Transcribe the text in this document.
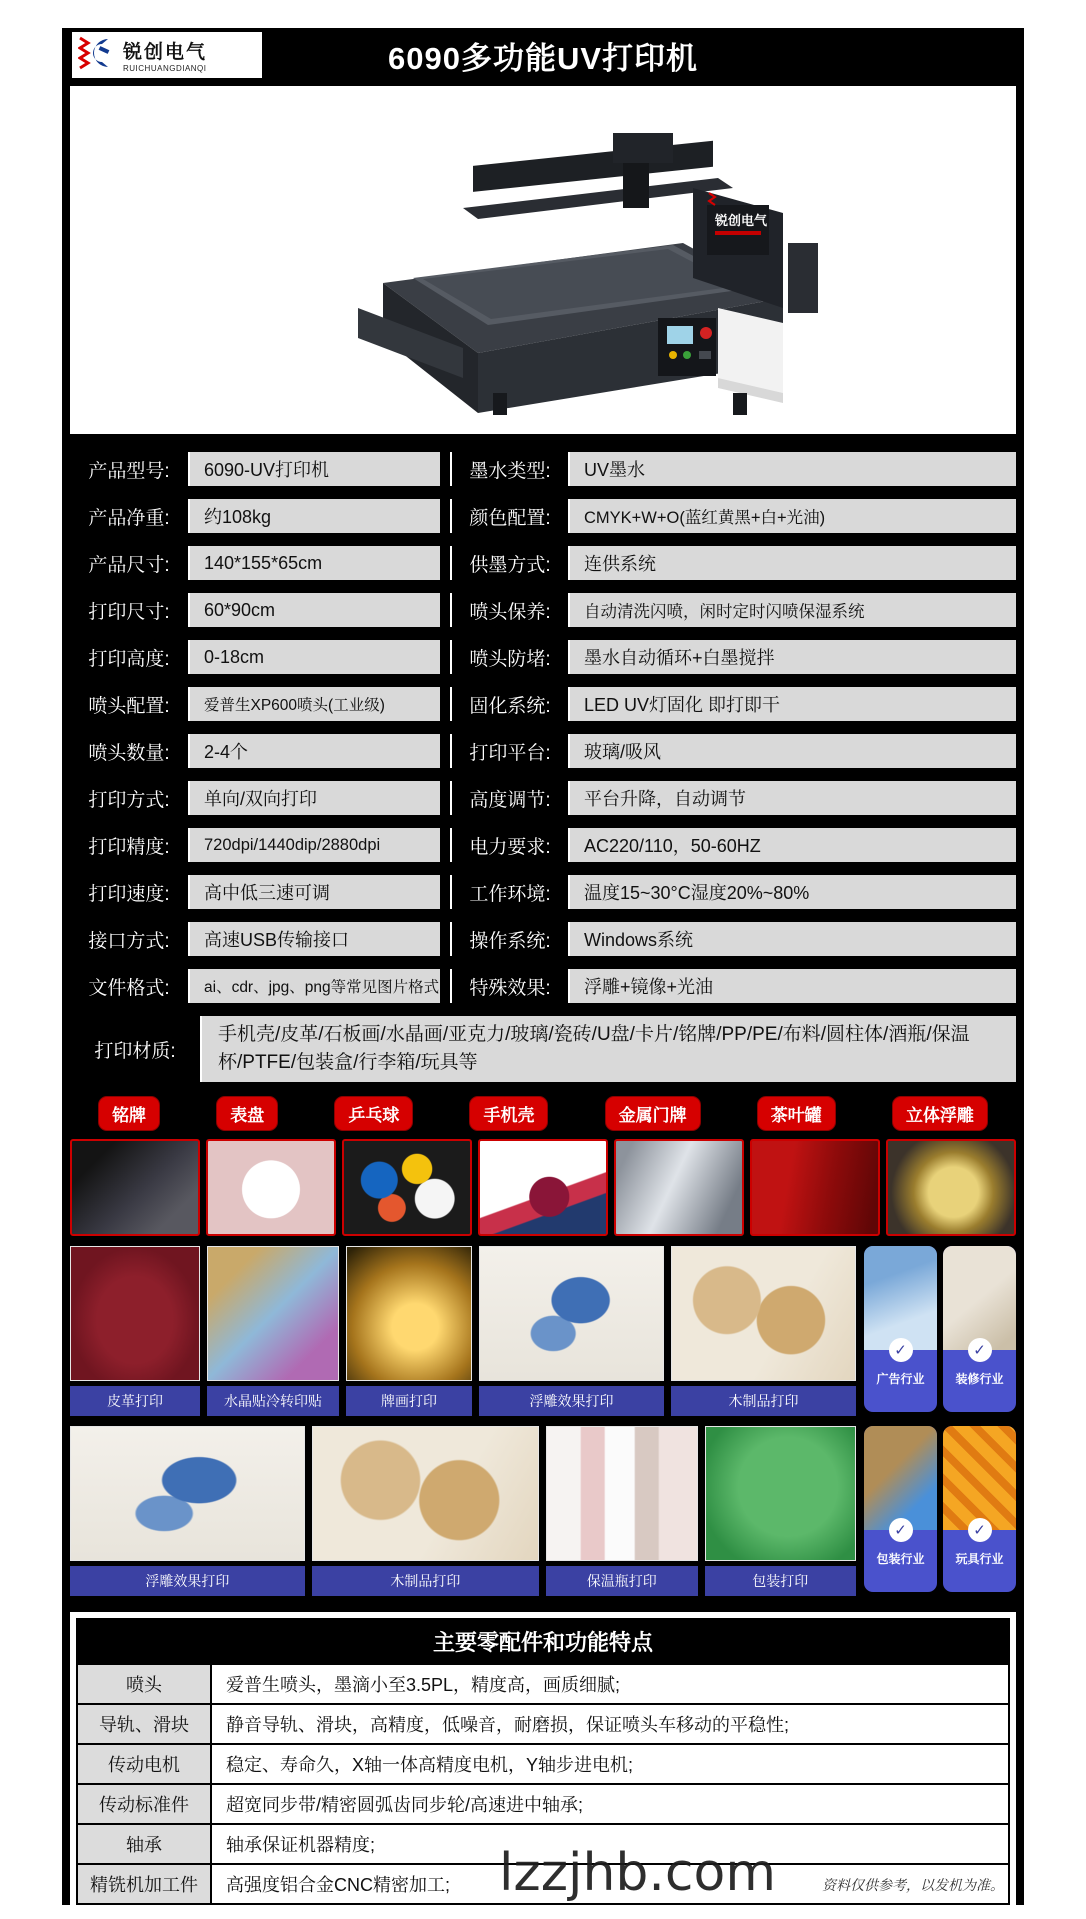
锐创电气
RUICHUANGDIANQI	6090多功能UV打印机
锐创电气
产品型号:	6090-UV打印机	墨水类型:	UV墨水
产品净重:	约108kg	颜色配置:	CMYK+W+O(蓝红黄黑+白+光油)
产品尺寸:	140*155*65cm	供墨方式:	连供系统
打印尺寸:	60*90cm	喷头保养:	自动清洗闪喷，闲时定时闪喷保湿系统
打印高度:	0-18cm	喷头防堵:	墨水自动循环+白墨搅拌
喷头配置:	爱普生XP600喷头(工业级)	固化系统:	LED UV灯固化 即打即干
喷头数量:	2-4个	打印平台:	玻璃/吸风
打印方式:	单向/双向打印	高度调节:	平台升降，自动调节
打印精度:	720dpi/1440dip/2880dpi	电力要求:	AC220/110，50-60HZ
打印速度:	高中低三速可调	工作环境:	温度15~30°C湿度20%~80%
接口方式:	高速USB传输接口	操作系统:	Windows系统
文件格式:	ai、cdr、jpg、png等常见图片格式	特殊效果:	浮雕+镜像+光油
打印材质:
手机壳/皮革/石板画/水晶画/亚克力/玻璃/瓷砖/U盘/卡片/铭牌/PP/PE/布料/圆柱体/酒瓶/保温杯/PTFE/包装盒/行李箱/玩具等
铭牌	表盘	乒乓球	手机壳	金属门牌	茶叶罐	立体浮雕
皮革打印	水晶贴冷转印贴	牌画打印	浮雕效果打印	木制品打印
✓
广告行业
✓
装修行业
浮雕效果打印	木制品打印	保温瓶打印	包装打印
✓
包装行业
✓
玩具行业
主要零配件和功能特点
喷头	爱普生喷头，墨滴小至3.5PL，精度高，画质细腻;
导轨、滑块	静音导轨、滑块，高精度，低噪音，耐磨损，保证喷头车移动的平稳性;
传动电机	稳定、寿命久，X轴一体高精度电机，Y轴步进电机;
传动标准件	超宽同步带/精密圆弧齿同步轮/高速进中轴承;
轴承	轴承保证机器精度;
精铣机加工件	高强度铝合金CNC精密加工; lzzjhb.com	资料仅供参考，以发机为准。
